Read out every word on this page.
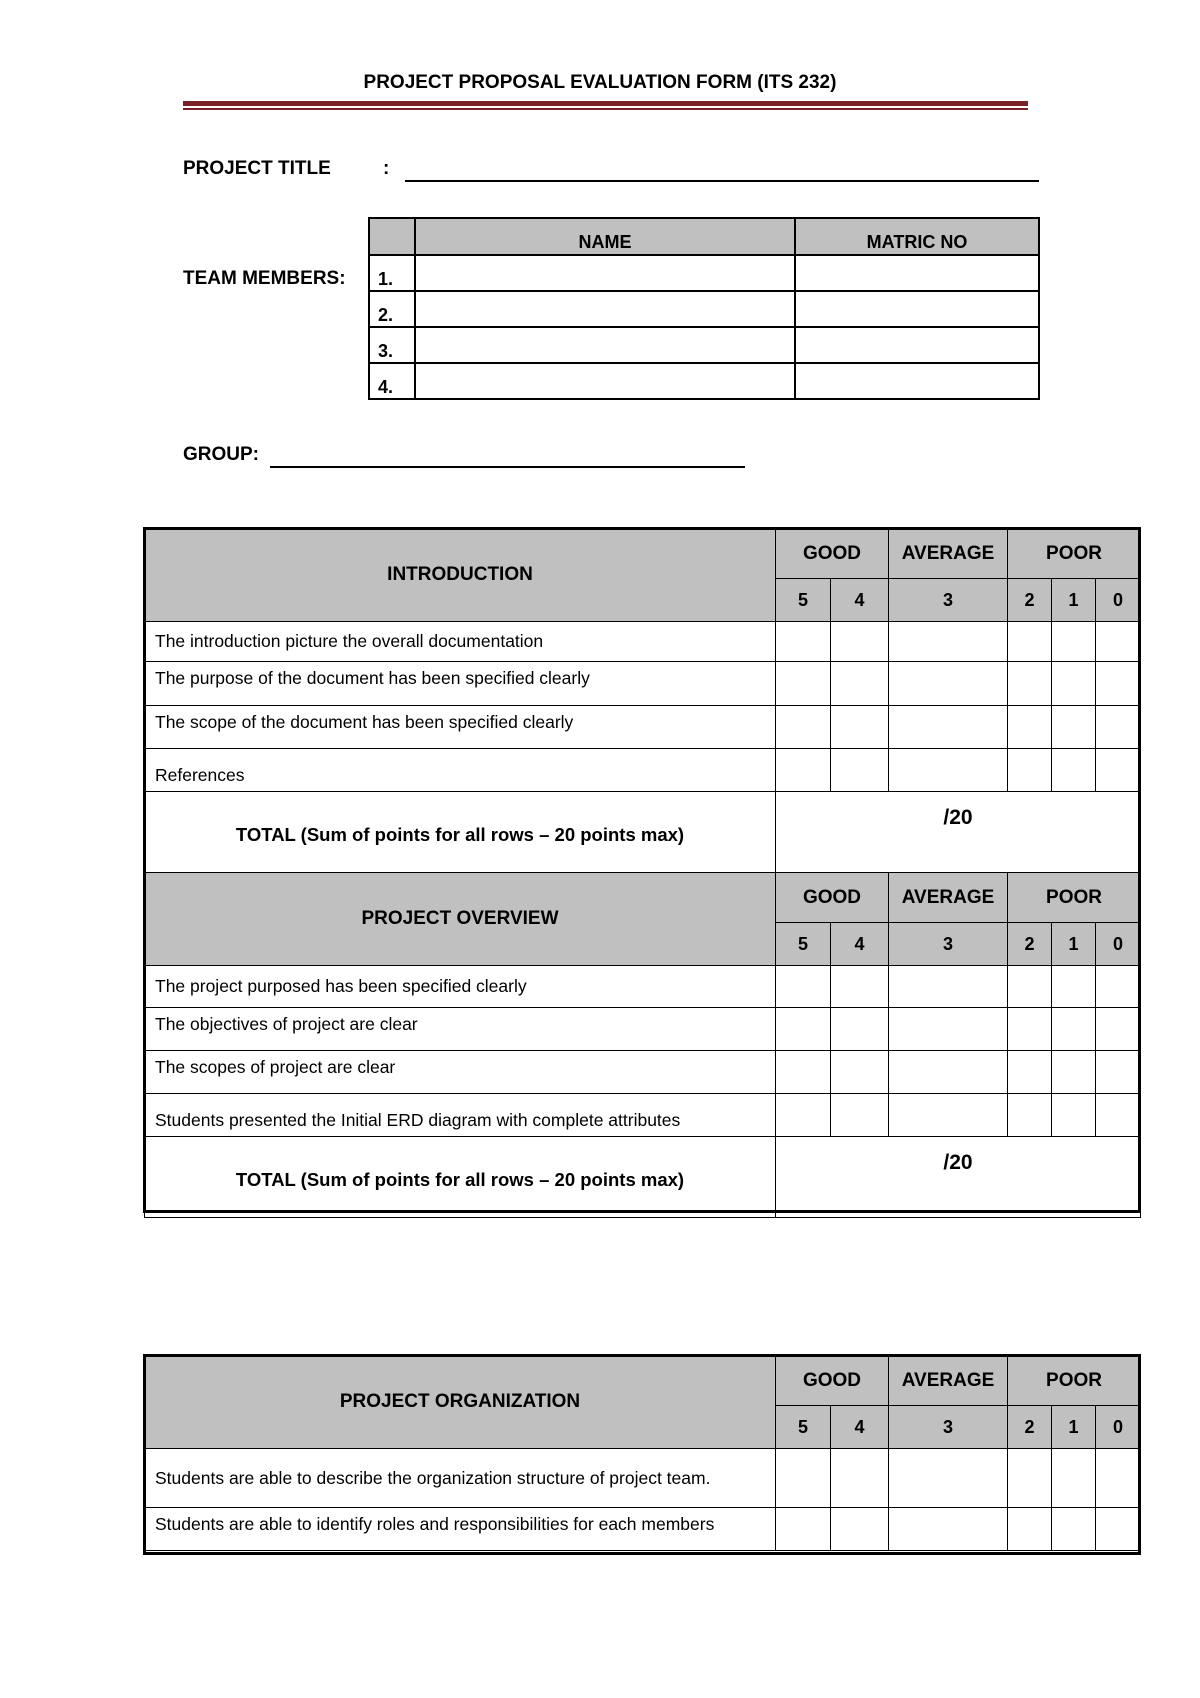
PROJECT PROPOSAL EVALUATION FORM (ITS 232)
PROJECT TITLE	:
TEAM MEMBERS:
	NAME	MATRIC NO
1.		
2.		
3.		
4.		
GROUP:
INTRODUCTION	GOOD		AVERAGE	POOR		
	5	4	3	2	1	0
The introduction picture the overall documentation						
The purpose of the document has been specified clearly						
The scope of the document has been specified clearly						
References						
TOTAL (Sum of points for all rows – 20 points max)	/20					
PROJECT OVERVIEW	GOOD		AVERAGE	POOR		
	5	4	3	2	1	0
The project purposed has been specified clearly						
The objectives of project are clear						
The scopes of project are clear						
Students presented the Initial ERD diagram with complete attributes						
TOTAL (Sum of points for all rows – 20 points max)	/20					
PROJECT ORGANIZATION	GOOD		AVERAGE	POOR		
	5	4	3	2	1	0
Students are able to describe the organization structure of project team.						
Students are able to identify roles and responsibilities for each members						
